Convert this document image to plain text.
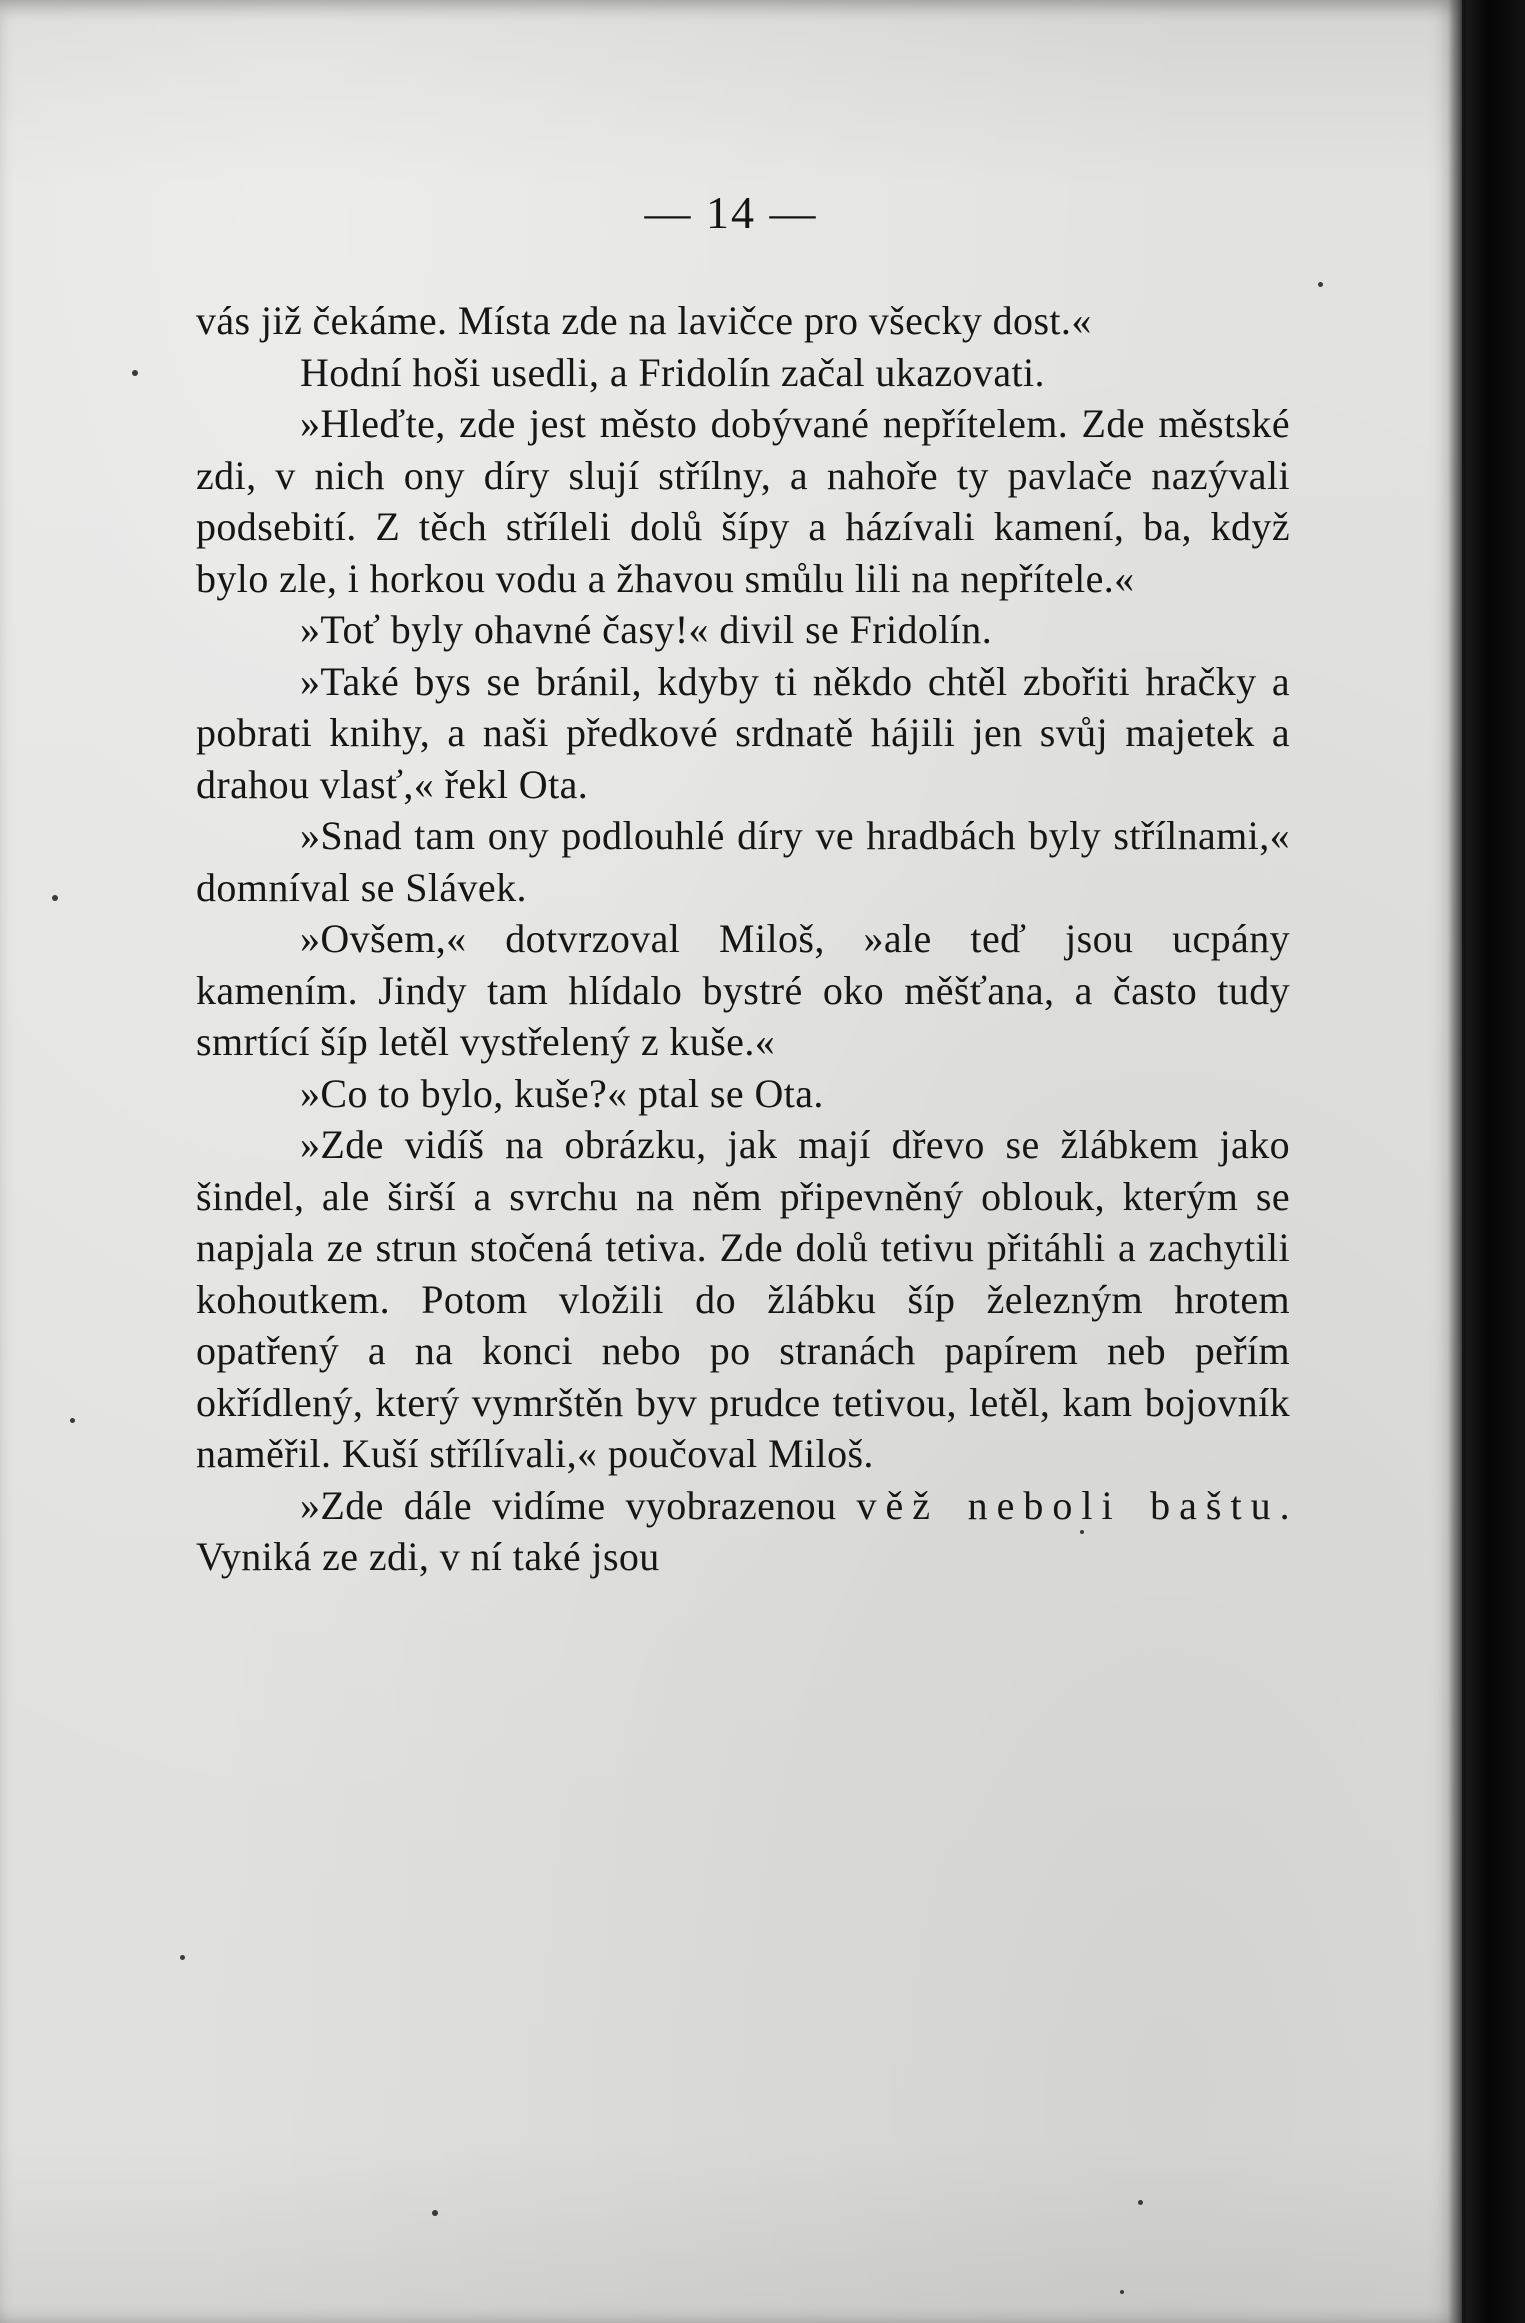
— 14 —

vás již čekáme. Místa zde na lavičce pro všecky dost.«

Hodní hoši usedli, a Fridolín začal ukazovati.

»Hleďte, zde jest město dobývané nepřítelem. Zde městské zdi, v nich ony díry slují střílny, a nahoře ty pavlače nazývali podsebití. Z těch stříleli dolů šípy a házívali kamení, ba, když bylo zle, i horkou vodu a žhavou smůlu lili na nepřítele.«

»Toť byly ohavné časy!« divil se Fridolín.

»Také bys se bránil, kdyby ti někdo chtěl zbořiti hračky a pobrati knihy, a naši předkové srdnatě hájili jen svůj majetek a drahou vlasť,« řekl Ota.

»Snad tam ony podlouhlé díry ve hradbách byly střílnami,« domníval se Slávek.

»Ovšem,« dotvrzoval Miloš, »ale teď jsou ucpány kamením. Jindy tam hlídalo bystré oko měšťana, a často tudy smrtící šíp letěl vystřelený z kuše.«

»Co to bylo, kuše?« ptal se Ota.

»Zde vidíš na obrázku, jak mají dřevo se žlábkem jako šindel, ale širší a svrchu na něm připevněný oblouk, kterým se napjala ze strun stočená tetiva. Zde dolů tetivu přitáhli a zachytili kohoutkem. Potom vložili do žlábku šíp železným hrotem opatřený a na konci nebo po stranách papírem neb peřím okřídlený, který vymrštěn byv prudce tetivou, letěl, kam bojovník naměřil. Kuší střílívali,« poučoval Miloš.

»Zde dále vidíme vyobrazenou věž neboli baštu. Vyniká ze zdi, v ní také jsou
